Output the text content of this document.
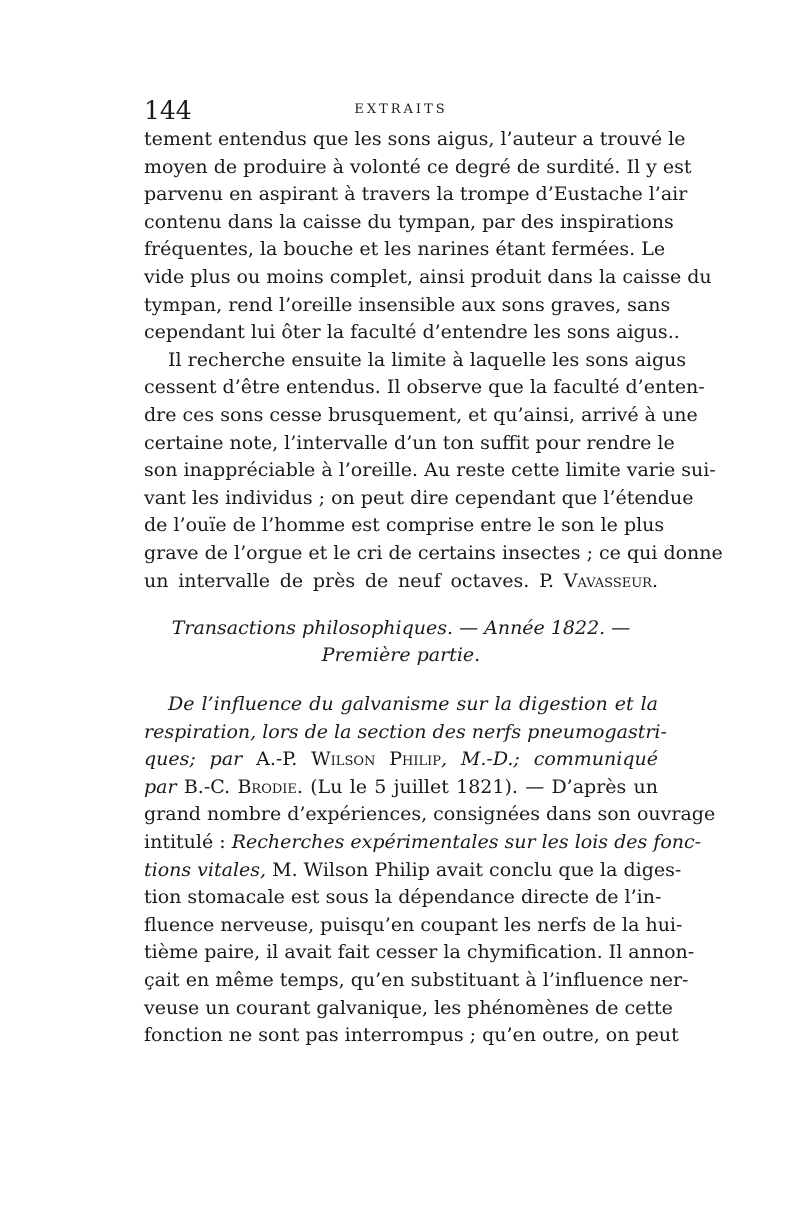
144	EXTRAITS
tement entendus que les sons aigus, l’auteur a trouvé le
moyen de produire à volonté ce degré de surdité. Il y est
parvenu en aspirant à travers la trompe d’Eustache l’air
contenu dans la caisse du tympan, par des inspirations
fréquentes, la bouche et les narines étant fermées. Le
vide plus ou moins complet, ainsi produit dans la caisse du
tympan, rend l’oreille insensible aux sons graves, sans
cependant lui ôter la faculté d’entendre les sons aigus..
Il recherche ensuite la limite à laquelle les sons aigus
cessent d’être entendus. Il observe que la faculté d’enten-
dre ces sons cesse brusquement, et qu’ainsi, arrivé à une
certaine note, l’intervalle d’un ton suffit pour rendre le
son inappréciable à l’oreille. Au reste cette limite varie sui-
vant les individus ; on peut dire cependant que l’étendue
de l’ouïe de l’homme est comprise entre le son le plus
grave de l’orgue et le cri de certains insectes ; ce qui donne
un intervalle de près de neuf octaves. P. Vavasseur.
Transactions philosophiques. — Année 1822. —
Première partie.
De l’influence du galvanisme sur la digestion et la
respiration, lors de la section des nerfs pneumogastri-
ques; par A.-P. Wilson Philip, M.-D.; communiqué
par B.-C. Brodie. (Lu le 5 juillet 1821). — D’après un
grand nombre d’expériences, consignées dans son ouvrage
intitulé : Recherches expérimentales sur les lois des fonc-
tions vitales, M. Wilson Philip avait conclu que la diges-
tion stomacale est sous la dépendance directe de l’in-
fluence nerveuse, puisqu’en coupant les nerfs de la hui-
tième paire, il avait fait cesser la chymification. Il annon-
çait en même temps, qu’en substituant à l’influence ner-
veuse un courant galvanique, les phénomènes de cette
fonction ne sont pas interrompus ; qu’en outre, on peut
